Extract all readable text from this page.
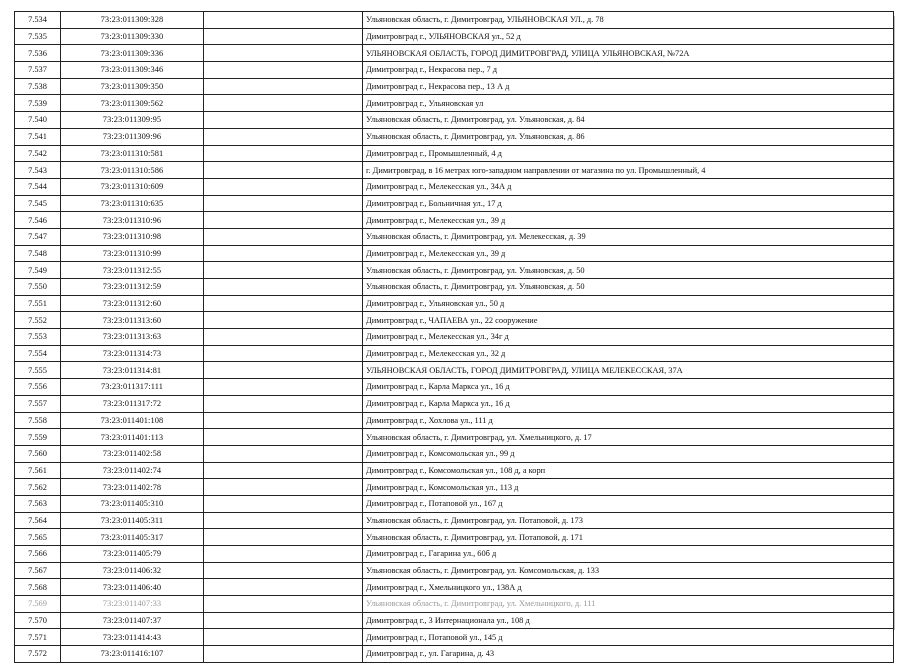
7.534	73:23:011309:328		Ульяновская область, г. Димитровград, УЛЬЯНОВСКАЯ УЛ., д. 78
7.535	73:23:011309:330		Димитровград г., УЛЬЯНОВСКАЯ ул., 52 д
7.536	73:23:011309:336		УЛЬЯНОВСКАЯ ОБЛАСТЬ, ГОРОД ДИМИТРОВГРАД, УЛИЦА УЛЬЯНОВСКАЯ, №72А
7.537	73:23:011309:346		Димитровград г., Некрасова пер., 7 д
7.538	73:23:011309:350		Димитровград г., Некрасова пер., 13 А д
7.539	73:23:011309:562		Димитровград г., Ульяновская ул
7.540	73:23:011309:95		Ульяновская область, г. Димитровград, ул. Ульяновская, д. 84
7.541	73:23:011309:96		Ульяновская область, г. Димитровград, ул. Ульяновская, д. 86
7.542	73:23:011310:581		Димитровград г., Промышленный, 4 д
7.543	73:23:011310:586		г. Димитровград, в 16 метрах юго-западном направлении от магазина по ул. Промышленный, 4
7.544	73:23:011310:609		Димитровград г., Мелекесская ул., 34А д
7.545	73:23:011310:635		Димитровград г., Больничная ул., 17 д
7.546	73:23:011310:96		Димитровград г., Мелекесская ул., 39 д
7.547	73:23:011310:98		Ульяновская область, г. Димитровград, ул. Мелекесская, д. 39
7.548	73:23:011310:99		Димитровград г., Мелекесская ул., 39 д
7.549	73:23:011312:55		Ульяновская область, г. Димитровград, ул. Ульяновская, д. 50
7.550	73:23:011312:59		Ульяновская область, г. Димитровград, ул. Ульяновская, д. 50
7.551	73:23:011312:60		Димитровград г., Ульяновская ул., 50 д
7.552	73:23:011313:60		Димитровград г., ЧАПАЕВА ул., 22 сооружение
7.553	73:23:011313:63		Димитровград г., Мелекесская ул., 34г д
7.554	73:23:011314:73		Димитровград г., Мелекесская ул., 32 д
7.555	73:23:011314:81		УЛЬЯНОВСКАЯ ОБЛАСТЬ, ГОРОД ДИМИТРОВГРАД, УЛИЦА МЕЛЕКЕССКАЯ, 37А
7.556	73:23:011317:111		Димитровград г., Карла Маркса ул., 16 д
7.557	73:23:011317:72		Димитровград г., Карла Маркса ул., 16 д
7.558	73:23:011401:108		Димитровград г., Хохлова ул., 111 д
7.559	73:23:011401:113		Ульяновская область, г. Димитровград, ул. Хмельницкого, д. 17
7.560	73:23:011402:58		Димитровград г., Комсомольская ул., 99 д
7.561	73:23:011402:74		Димитровград г., Комсомольская ул., 108 д, а корп
7.562	73:23:011402:78		Димитровград г., Комсомольская ул., 113 д
7.563	73:23:011405:310		Димитровград г., Потаповой ул., 167 д
7.564	73:23:011405:311		Ульяновская область, г. Димитровград, ул. Потаповой, д. 173
7.565	73:23:011405:317		Ульяновская область, г. Димитровград, ул. Потаповой, д. 171
7.566	73:23:011405:79		Димитровград г., Гагарина ул., 60б д
7.567	73:23:011406:32		Ульяновская область, г. Димитровград, ул. Комсомольская, д. 133
7.568	73:23:011406:40		Димитровград г., Хмельницкого ул., 138А д
7.569	73:23:011407:33		Ульяновская область, г. Димитровград, ул. Хмельницкого, д. 111
7.570	73:23:011407:37		Димитровград г., 3 Интернационала ул., 108 д
7.571	73:23:011414:43		Димитровград г., Потаповой ул., 145 д
7.572	73:23:011416:107		Димитровград г., ул. Гагарина, д. 43
